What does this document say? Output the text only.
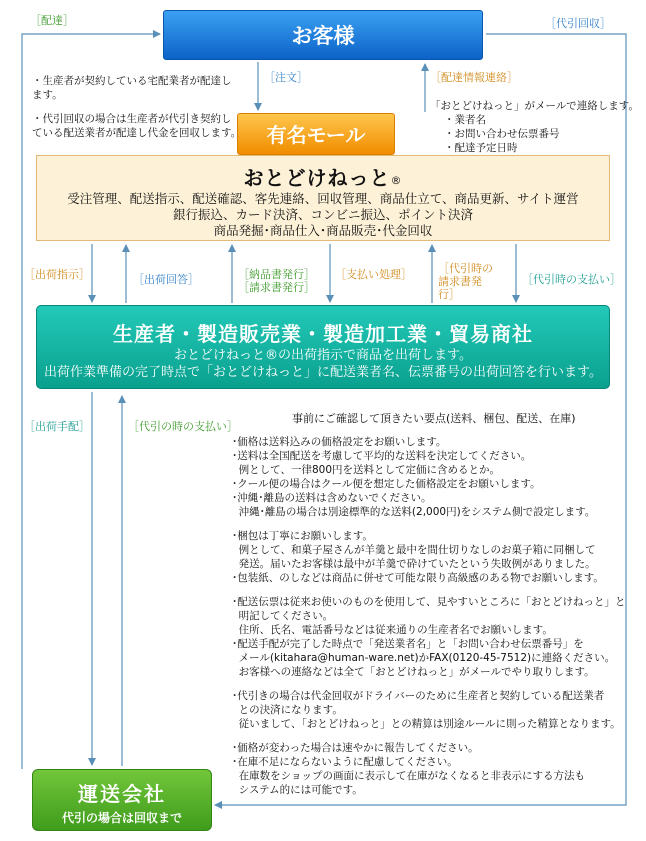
お客様
有名モール
おとどけねっと®
受注管理、配送指示、配送確認、客先連絡、回収管理、商品仕立て、商品更新、サイト運営
銀行振込、カード決済、コンビニ振込、ポイント決済
商品発掘･商品仕入･商品販売･代金回収
生産者・製造販売業・製造加工業・貿易商社
おとどけねっと®の出荷指示で商品を出荷します。
出荷作業準備の完了時点で「おとどけねっと」に配送業者名、伝票番号の出荷回答を行います。
運送会社
代引の場合は回収まで
［配達］	［代引回収］
［注文］	［配達情報連絡］
［出荷指示］	［出荷回答］	［納品書発行］
［請求書発行］
［支払い処理］ ［代引時の
請求書発
行］
［代引時の支払い］
［出荷手配］	［代引の時の支払い］
・生産者が契約している宅配業者が配達し
ます。
・代引回収の場合は生産者が代引き契約し
ている配送業者が配達し代金を回収します。
「おとどけねっと」がメールで連絡します。
・業者名
・お問い合わせ伝票番号
・配達予定日時
事前にご確認して頂きたい要点(送料、梱包、配送、在庫)
･価格は送料込みの価格設定をお願いします。
･送料は全国配送を考慮して平均的な送料を決定してください。
例として、一律800円を送料として定価に含めるとか。
･クール便の場合はクール便を想定した価格設定をお願いします。
･沖縄･離島の送料は含めないでください。
沖縄･離島の場合は別途標準的な送料(2,000円)をシステム側で設定します。
･梱包は丁寧にお願いします。
例として、和菓子屋さんが羊羹と最中を間仕切りなしのお菓子箱に同梱して
発送。届いたお客様は最中が羊羹で砕けていたという失敗例がありました。
･包装紙、のしなどは商品に併せて可能な限り高級感のある物でお願いします。
･配送伝票は従来お使いのものを使用して、見やすいところに「おとどけねっと」と
明記してください。
住所、氏名、電話番号などは従来通りの生産者名でお願いします。
･配送手配が完了した時点で「発送業者名」と「お問い合わせ伝票番号」を
メール(kitahara@human-ware.net)かFAX(0120-45-7512)に連絡ください。
お客様への連絡などは全て「おとどけねっと」がメールでやり取りします。
･代引きの場合は代金回収がドライバーのために生産者と契約している配送業者
との決済になります。
従いまして、「おとどけねっと」との精算は別途ルールに則った精算となります。
･価格が変わった場合は速やかに報告してください。
･在庫不足にならないように配慮してください。
在庫数をショップの画面に表示して在庫がなくなると非表示にする方法も
システム的には可能です。
